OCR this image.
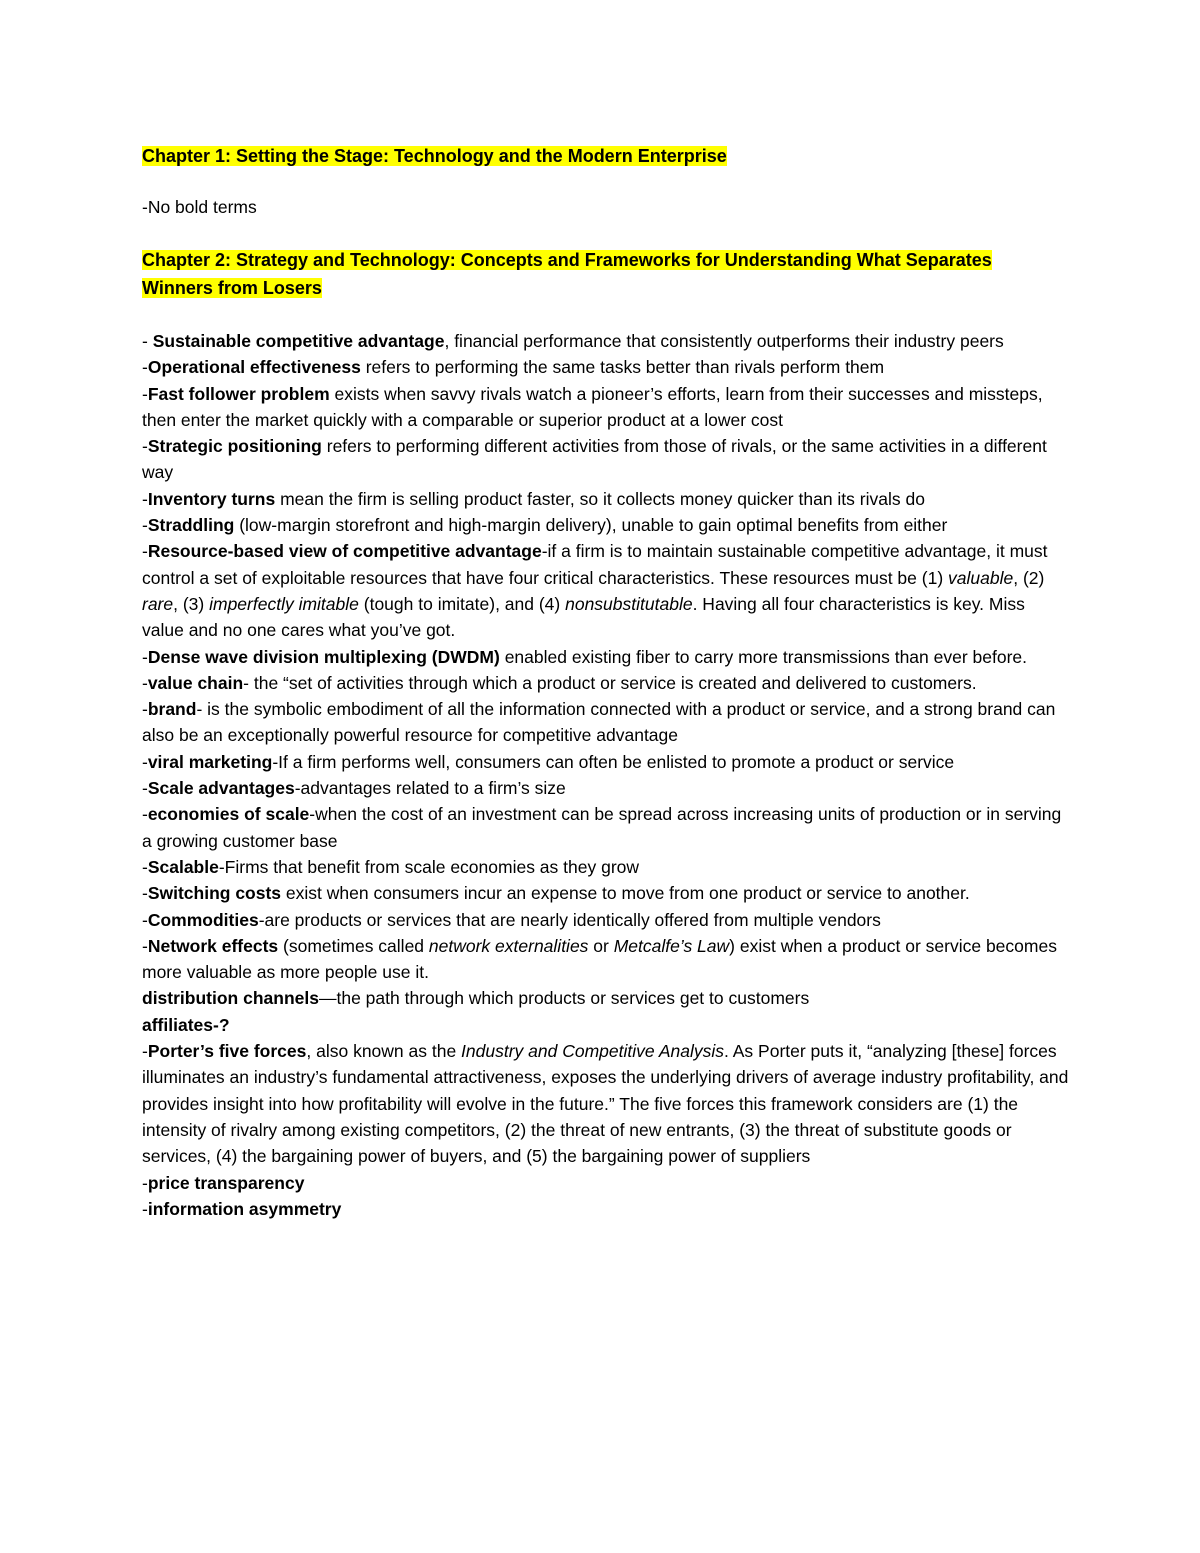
Chapter 1: Setting the Stage: Technology and the Modern Enterprise

-No bold terms

Chapter 2: Strategy and Technology: Concepts and Frameworks for Understanding What Separates Winners from Losers
- Sustainable competitive advantage, financial performance that consistently outperforms their industry peers
-Operational effectiveness refers to performing the same tasks better than rivals perform them
-Fast follower problem exists when savvy rivals watch a pioneer’s efforts, learn from their successes and missteps, then enter the market quickly with a comparable or superior product at a lower cost
-Strategic positioning refers to performing different activities from those of rivals, or the same activities in a different way
-Inventory turns mean the firm is selling product faster, so it collects money quicker than its rivals do
-Straddling (low-margin storefront and high-margin delivery), unable to gain optimal benefits from either
-Resource-based view of competitive advantage-if a firm is to maintain sustainable competitive advantage, it must control a set of exploitable resources that have four critical characteristics. These resources must be (1) valuable, (2) rare, (3) imperfectly imitable (tough to imitate), and (4) nonsubstitutable. Having all four characteristics is key. Miss value and no one cares what you’ve got.
-Dense wave division multiplexing (DWDM) enabled existing fiber to carry more transmissions than ever before.
-value chain- the “set of activities through which a product or service is created and delivered to customers.
-brand- is the symbolic embodiment of all the information connected with a product or service, and a strong brand can also be an exceptionally powerful resource for competitive advantage
-viral marketing-If a firm performs well, consumers can often be enlisted to promote a product or service
-Scale advantages-advantages related to a firm’s size
-economies of scale-when the cost of an investment can be spread across increasing units of production or in serving a growing customer base
-Scalable-Firms that benefit from scale economies as they grow
-Switching costs exist when consumers incur an expense to move from one product or service to another.
-Commodities-are products or services that are nearly identically offered from multiple vendors
-Network effects (sometimes called network externalities or Metcalfe’s Law) exist when a product or service becomes more valuable as more people use it.
distribution channels—the path through which products or services get to customers
affiliates-?
-Porter’s five forces, also known as the Industry and Competitive Analysis. As Porter puts it, “analyzing [these] forces illuminates an industry’s fundamental attractiveness, exposes the underlying drivers of average industry profitability, and provides insight into how profitability will evolve in the future.” The five forces this framework considers are (1) the intensity of rivalry among existing competitors, (2) the threat of new entrants, (3) the threat of substitute goods or services, (4) the bargaining power of buyers, and (5) the bargaining power of suppliers
-price transparency
-information asymmetry
